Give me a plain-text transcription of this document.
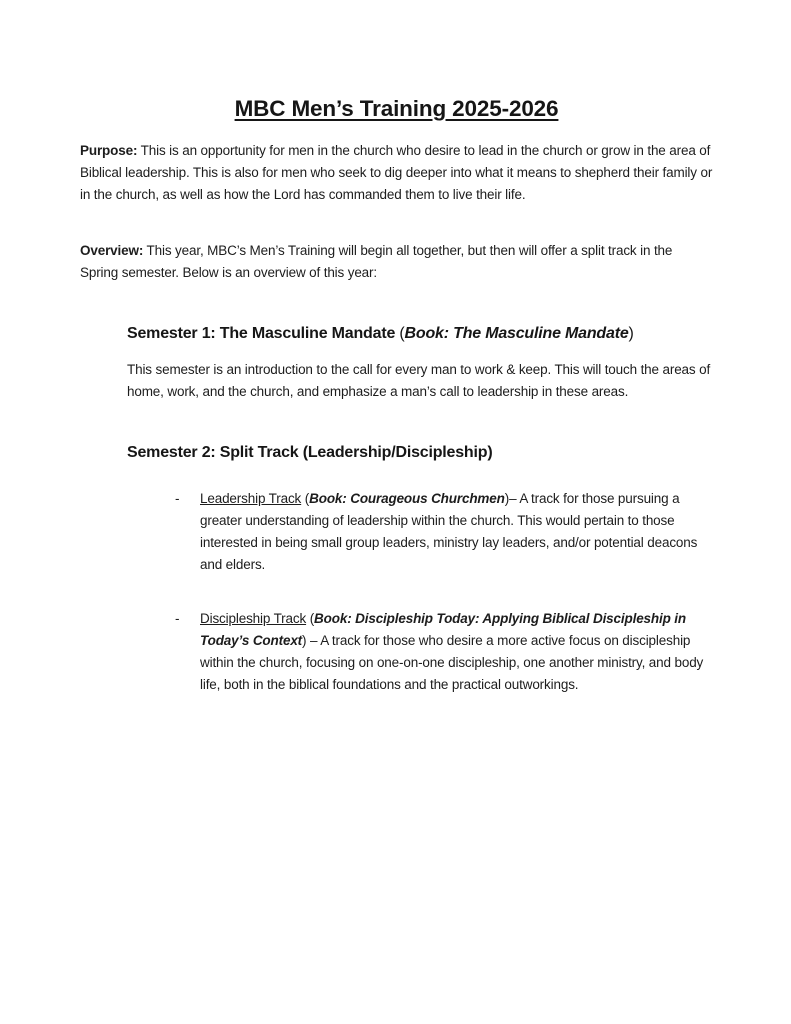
MBC Men’s Training 2025-2026

Purpose: This is an opportunity for men in the church who desire to lead in the church or grow in the area of Biblical leadership. This is also for men who seek to dig deeper into what it means to shepherd their family or in the church, as well as how the Lord has commanded them to live their life.

Overview: This year, MBC’s Men’s Training will begin all together, but then will offer a split track in the Spring semester. Below is an overview of this year:

Semester 1: The Masculine Mandate (Book: The Masculine Mandate)

This semester is an introduction to the call for every man to work & keep. This will touch the areas of home, work, and the church, and emphasize a man’s call to leadership in these areas.

Semester 2: Split Track (Leadership/Discipleship)
-	Leadership Track (Book: Courageous Churchmen)– A track for those pursuing a greater understanding of leadership within the church. This would pertain to those interested in being small group leaders, ministry lay leaders, and/or potential deacons and elders.
-	Discipleship Track (Book: Discipleship Today: Applying Biblical Discipleship in Today’s Context) – A track for those who desire a more active focus on discipleship within the church, focusing on one-on-one discipleship, one another ministry, and body life, both in the biblical foundations and the practical outworkings.
